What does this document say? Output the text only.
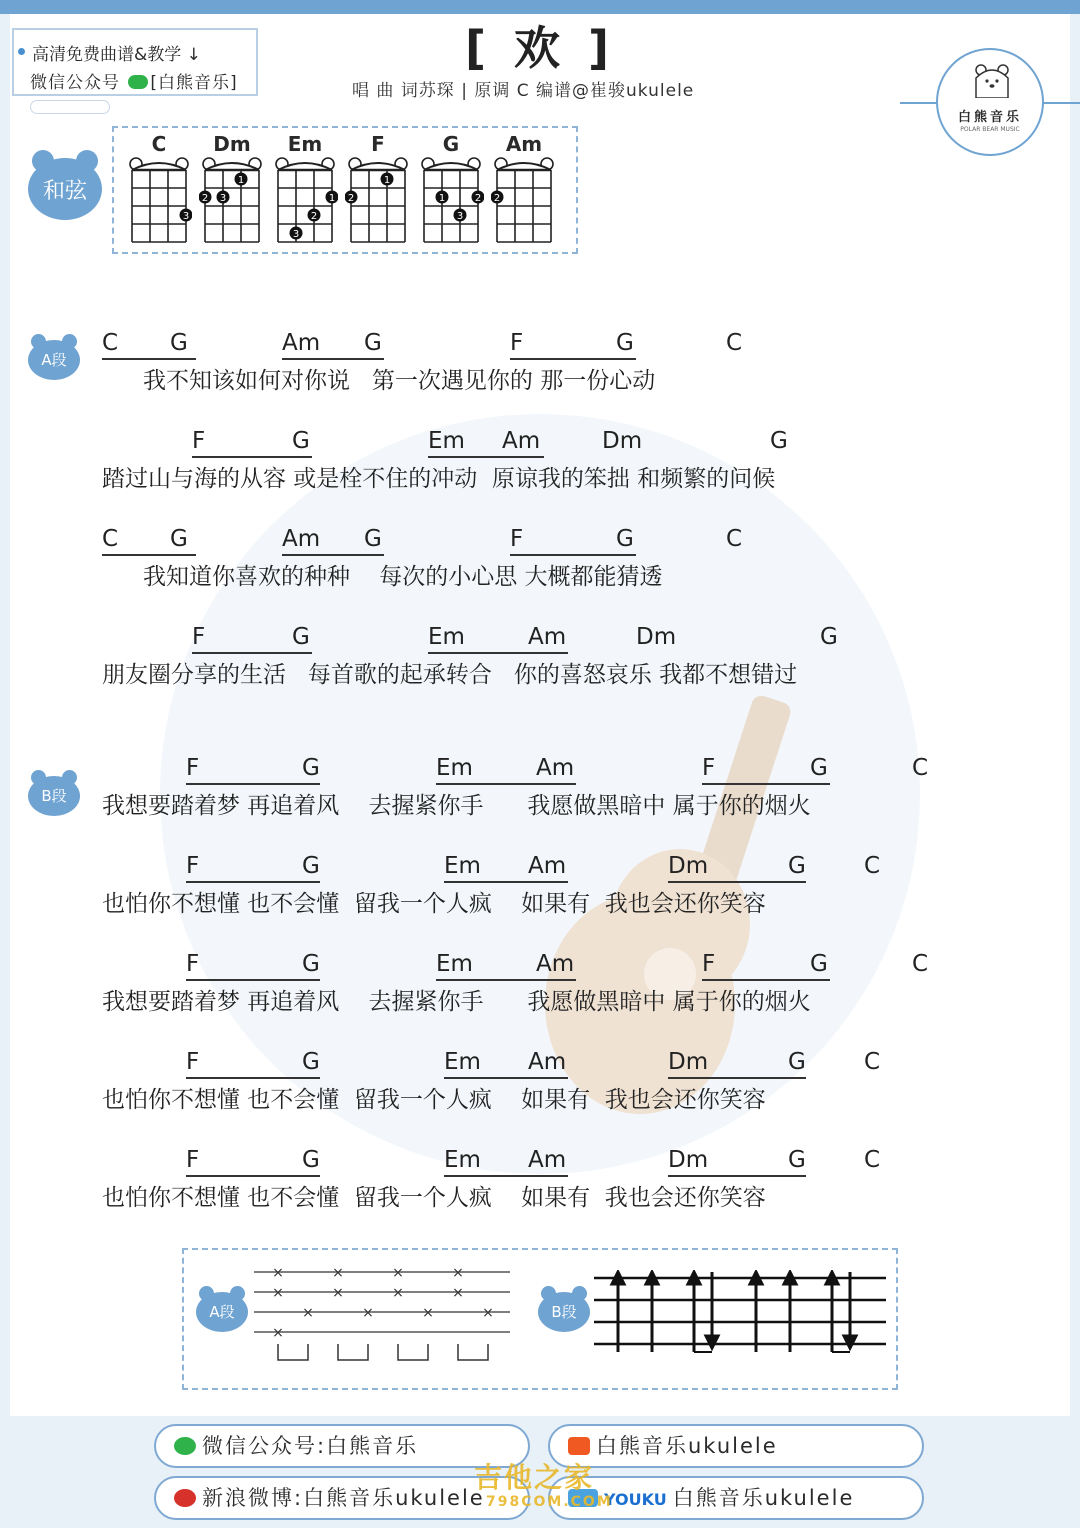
高清免费曲谱&教学 ↓
微信公众号 [白熊音乐]
[ 欢 ]
唱 曲 词苏琛 | 原调 C 编谱@崔骏ukulele
白熊音乐
POLAR BEAR MUSIC
和弦
C
3
Dm
1
2 3
Em
1
2
3
F
1
2
G
1	2
3
Am
2
A段
B段
C G	Am G	F	G	C
我不知该如何对你说   第一次遇见你的 那一份心动
F	G	Em Am	Dm	G
踏过山与海的从容 或是栓不住的冲动  原谅我的笨拙 和频繁的问候
C G	Am G	F	G	C
我知道你喜欢的种种    每次的小心思 大概都能猜透
F	G	Em	Am	Dm	G
朋友圈分享的生活   每首歌的起承转合   你的喜怒哀乐 我都不想错过
F	G	Em	Am	F	G	C
我想要踏着梦 再追着风    去握紧你手      我愿做黑暗中 属于你的烟火
F	G	Em Am	Dm	G	C
也怕你不想懂 也不会懂  留我一个人疯    如果有  我也会还你笑容
F	G	Em	Am	F	G	C
我想要踏着梦 再追着风    去握紧你手      我愿做黑暗中 属于你的烟火
F	G	Em Am	Dm	G	C
也怕你不想懂 也不会懂  留我一个人疯    如果有  我也会还你笑容
F	G	Em Am	Dm	G	C
也怕你不想懂 也不会懂  留我一个人疯    如果有  我也会还你笑容
A段
×	×	×	×
×	×	×	×
×	×	×	×
×
B段
微信公众号:白熊音乐	白熊音乐ukulele
新浪微博:白熊音乐ukulele	YOUKU 白熊音乐ukulele
吉他之家
798COM.COM
